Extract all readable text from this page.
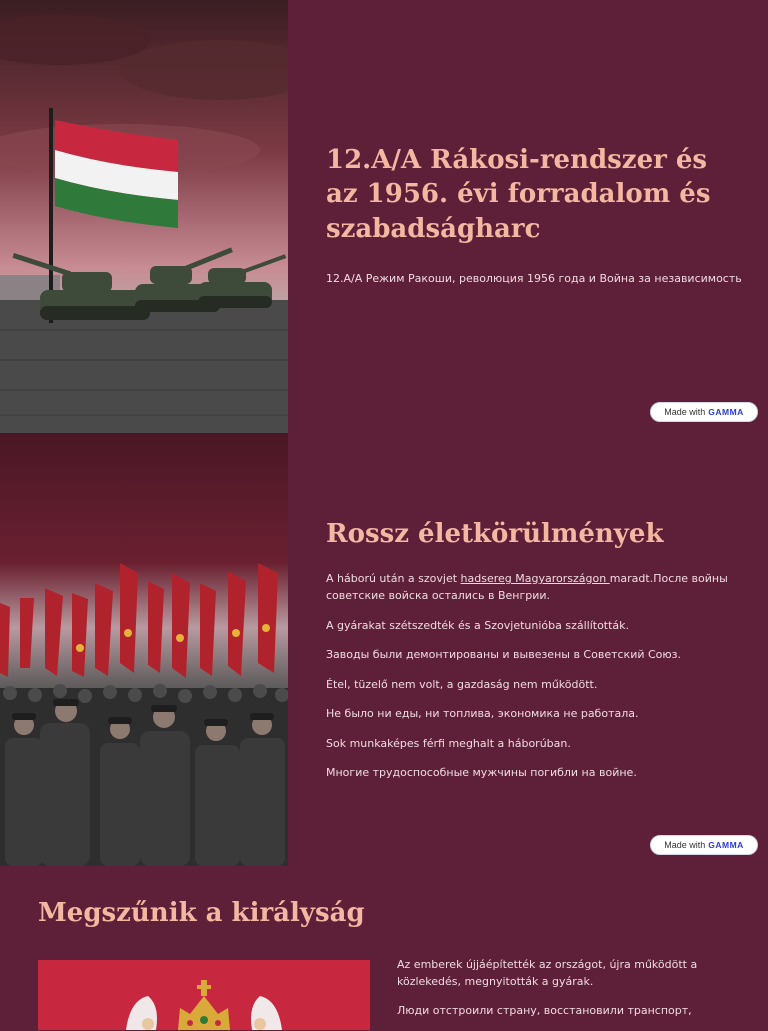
12.A/A Rákosi-rendszer és az 1956. évi forradalom és szabadságharc

12.A/A Режим Ракоши, революция 1956 года и Война за независимость

Made with GAMMA
Rossz életkörülmények

A háború után a szovjet hadsereg Magyarországon maradt.После войны советские войска остались в Венгрии.

A gyárakat szétszedték és a Szovjetunióba szállították.

Заводы были демонтированы и вывезены в Советский Союз.

Étel, tüzelő nem volt, a gazdaság nem működött.

Не было ни еды, ни топлива, экономика не работала.

Sok munkaképes férfi meghalt a háborúban.

Многие трудоспособные мужчины погибли на войне.

Made with GAMMA
Megszűnik a királyság

Az emberek újjáépítették az országot, újra működött a közlekedés, megnyitották a gyárak.

Люди отстроили страну, восстановили транспорт,
